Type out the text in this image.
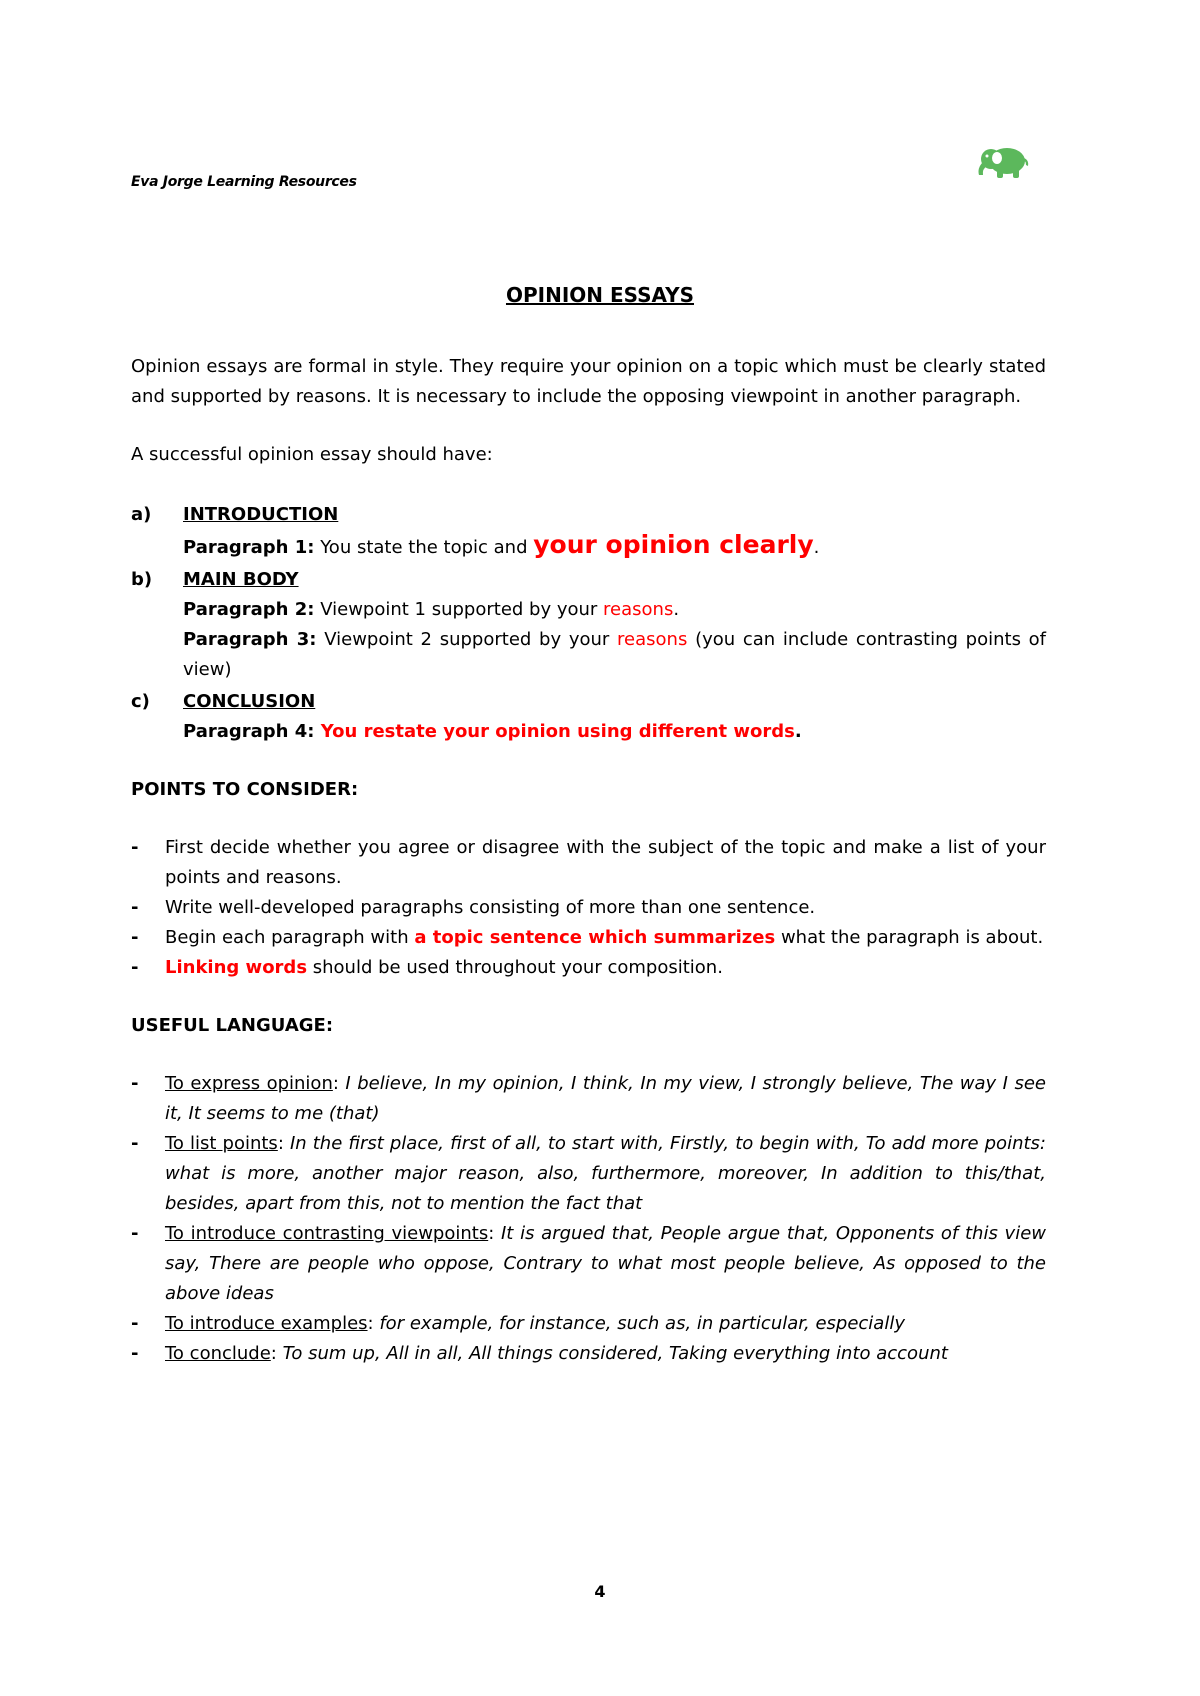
Eva Jorge Learning Resources
OPINION ESSAYS

Opinion essays are formal in style. They require your opinion on a topic which must be clearly stated and supported by reasons. It is necessary to include the opposing viewpoint in another paragraph.

A successful opinion essay should have:

a)	INTRODUCTION
Paragraph 1: You state the topic and your opinion clearly.
b)	MAIN BODY
Paragraph 2: Viewpoint 1 supported by your reasons.
Paragraph 3: Viewpoint 2 supported by your reasons (you can include contrasting points of view)
c)	CONCLUSION
Paragraph 4: You restate your opinion using different words.

POINTS TO CONSIDER:

-	First decide whether you agree or disagree with the subject of the topic and make a list of your points and reasons.
-	Write well-developed paragraphs consisting of more than one sentence.
-	Begin each paragraph with a topic sentence which summarizes what the paragraph is about.
-	Linking words should be used throughout your composition.

USEFUL LANGUAGE:

-	To express opinion: I believe, In my opinion, I think, In my view, I strongly believe, The way I see it, It seems to me (that)
-	To list points: In the first place, first of all, to start with, Firstly, to begin with, To add more points: what is more, another major reason, also, furthermore, moreover, In addition to this/that, besides, apart from this, not to mention the fact that
-	To introduce contrasting viewpoints: It is argued that, People argue that, Opponents of this view say, There are people who oppose, Contrary to what most people believe, As opposed to the above ideas
-	To introduce examples: for example, for instance, such as, in particular, especially
-	To conclude: To sum up, All in all, All things considered, Taking everything into account
4
